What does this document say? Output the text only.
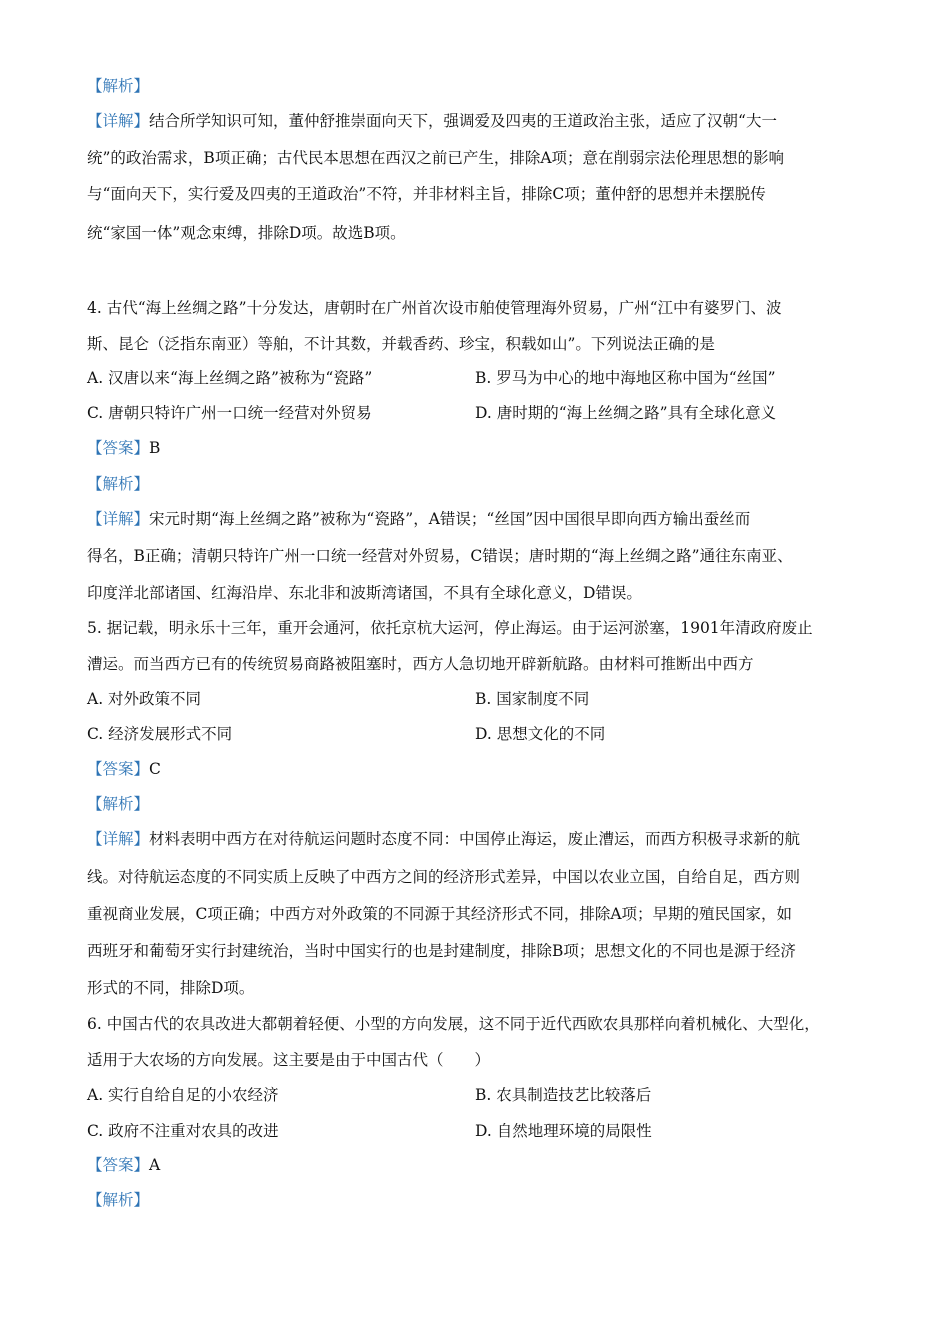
【解析】
【详解】结合所学知识可知，董仲舒推崇面向天下，强调爱及四夷的王道政治主张，适应了汉朝“大一
统”的政治需求，B项正确；古代民本思想在西汉之前已产生，排除A项；意在削弱宗法伦理思想的影响
与“面向天下，实行爱及四夷的王道政治”不符，并非材料主旨，排除C项；董仲舒的思想并未摆脱传
统“家国一体”观念束缚，排除D项。故选B项。
4. 古代“海上丝绸之路”十分发达，唐朝时在广州首次设市舶使管理海外贸易，广州“江中有婆罗门、波
斯、昆仑（泛指东南亚）等舶，不计其数，并载香药、珍宝，积载如山”。下列说法正确的是
A. 汉唐以来“海上丝绸之路”被称为“瓷路”	B. 罗马为中心的地中海地区称中国为“丝国”
C. 唐朝只特许广州一口统一经营对外贸易	D. 唐时期的“海上丝绸之路”具有全球化意义
【答案】B
【解析】
【详解】宋元时期“海上丝绸之路”被称为“瓷路”，A错误；“丝国”因中国很早即向西方输出蚕丝而
得名，B正确；清朝只特许广州一口统一经营对外贸易，C错误；唐时期的“海上丝绸之路”通往东南亚、
印度洋北部诸国、红海沿岸、东北非和波斯湾诸国，不具有全球化意义，D错误。
5. 据记载，明永乐十三年，重开会通河，依托京杭大运河，停止海运。由于运河淤塞，1901年清政府废止
漕运。而当西方已有的传统贸易商路被阻塞时，西方人急切地开辟新航路。由材料可推断出中西方
A. 对外政策不同	B. 国家制度不同
C. 经济发展形式不同	D. 思想文化的不同
【答案】C
【解析】
【详解】材料表明中西方在对待航运问题时态度不同：中国停止海运，废止漕运，而西方积极寻求新的航
线。对待航运态度的不同实质上反映了中西方之间的经济形式差异，中国以农业立国，自给自足，西方则
重视商业发展，C项正确；中西方对外政策的不同源于其经济形式不同，排除A项；早期的殖民国家，如
西班牙和葡萄牙实行封建统治，当时中国实行的也是封建制度，排除B项；思想文化的不同也是源于经济
形式的不同，排除D项。
6. 中国古代的农具改进大都朝着轻便、小型的方向发展，这不同于近代西欧农具那样向着机械化、大型化，
适用于大农场的方向发展。这主要是由于中国古代（　　）
A. 实行自给自足的小农经济	B. 农具制造技艺比较落后
C. 政府不注重对农具的改进	D. 自然地理环境的局限性
【答案】A
【解析】
